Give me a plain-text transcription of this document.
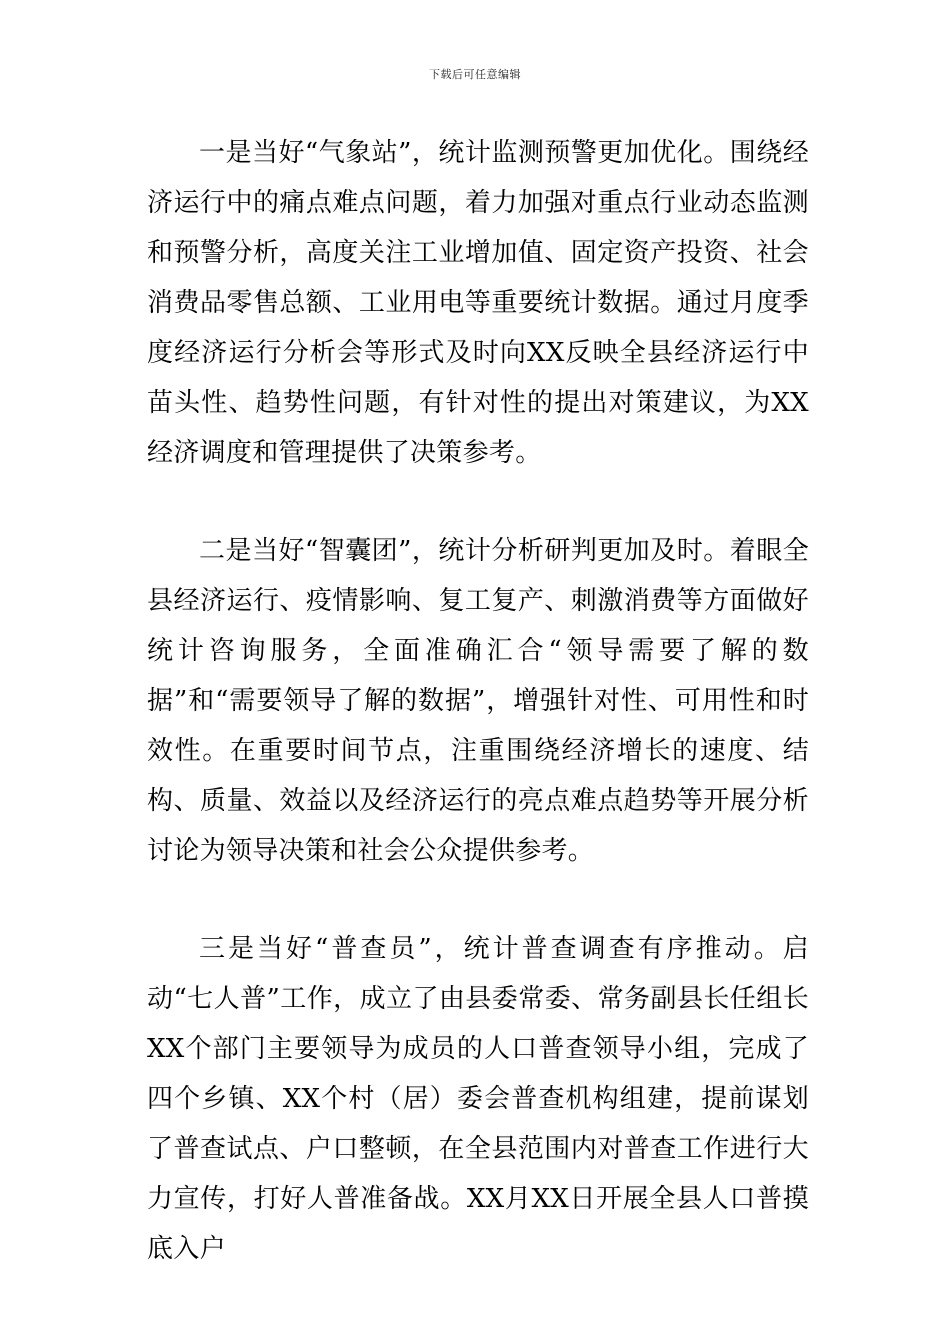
下载后可任意编辑

一是当好“气象站”，统计监测预警更加优化。围绕经济运行中的痛点难点问题，着力加强对重点行业动态监测和预警分析，高度关注工业增加值、固定资产投资、社会消费品零售总额、工业用电等重要统计数据。通过月度季度经济运行分析会等形式及时向XX反映全县经济运行中苗头性、趋势性问题，有针对性的提出对策建议，为XX经济调度和管理提供了决策参考。

二是当好“智囊团”，统计分析研判更加及时。着眼全县经济运行、疫情影响、复工复产、刺激消费等方面做好统计咨询服务，全面准确汇合“领导需要了解的数据”和“需要领导了解的数据”，增强针对性、可用性和时效性。在重要时间节点，注重围绕经济增长的速度、结构、质量、效益以及经济运行的亮点难点趋势等开展分析讨论为领导决策和社会公众提供参考。

三是当好“普查员”，统计普查调查有序推动。启动“七人普”工作，成立了由县委常委、常务副县长任组长XX个部门主要领导为成员的人口普查领导小组，完成了四个乡镇、XX个村（居）委会普查机构组建，提前谋划了普查试点、户口整顿，在全县范围内对普查工作进行大力宣传，打好人普准备战。XX月XX日开展全县人口普摸底入户
